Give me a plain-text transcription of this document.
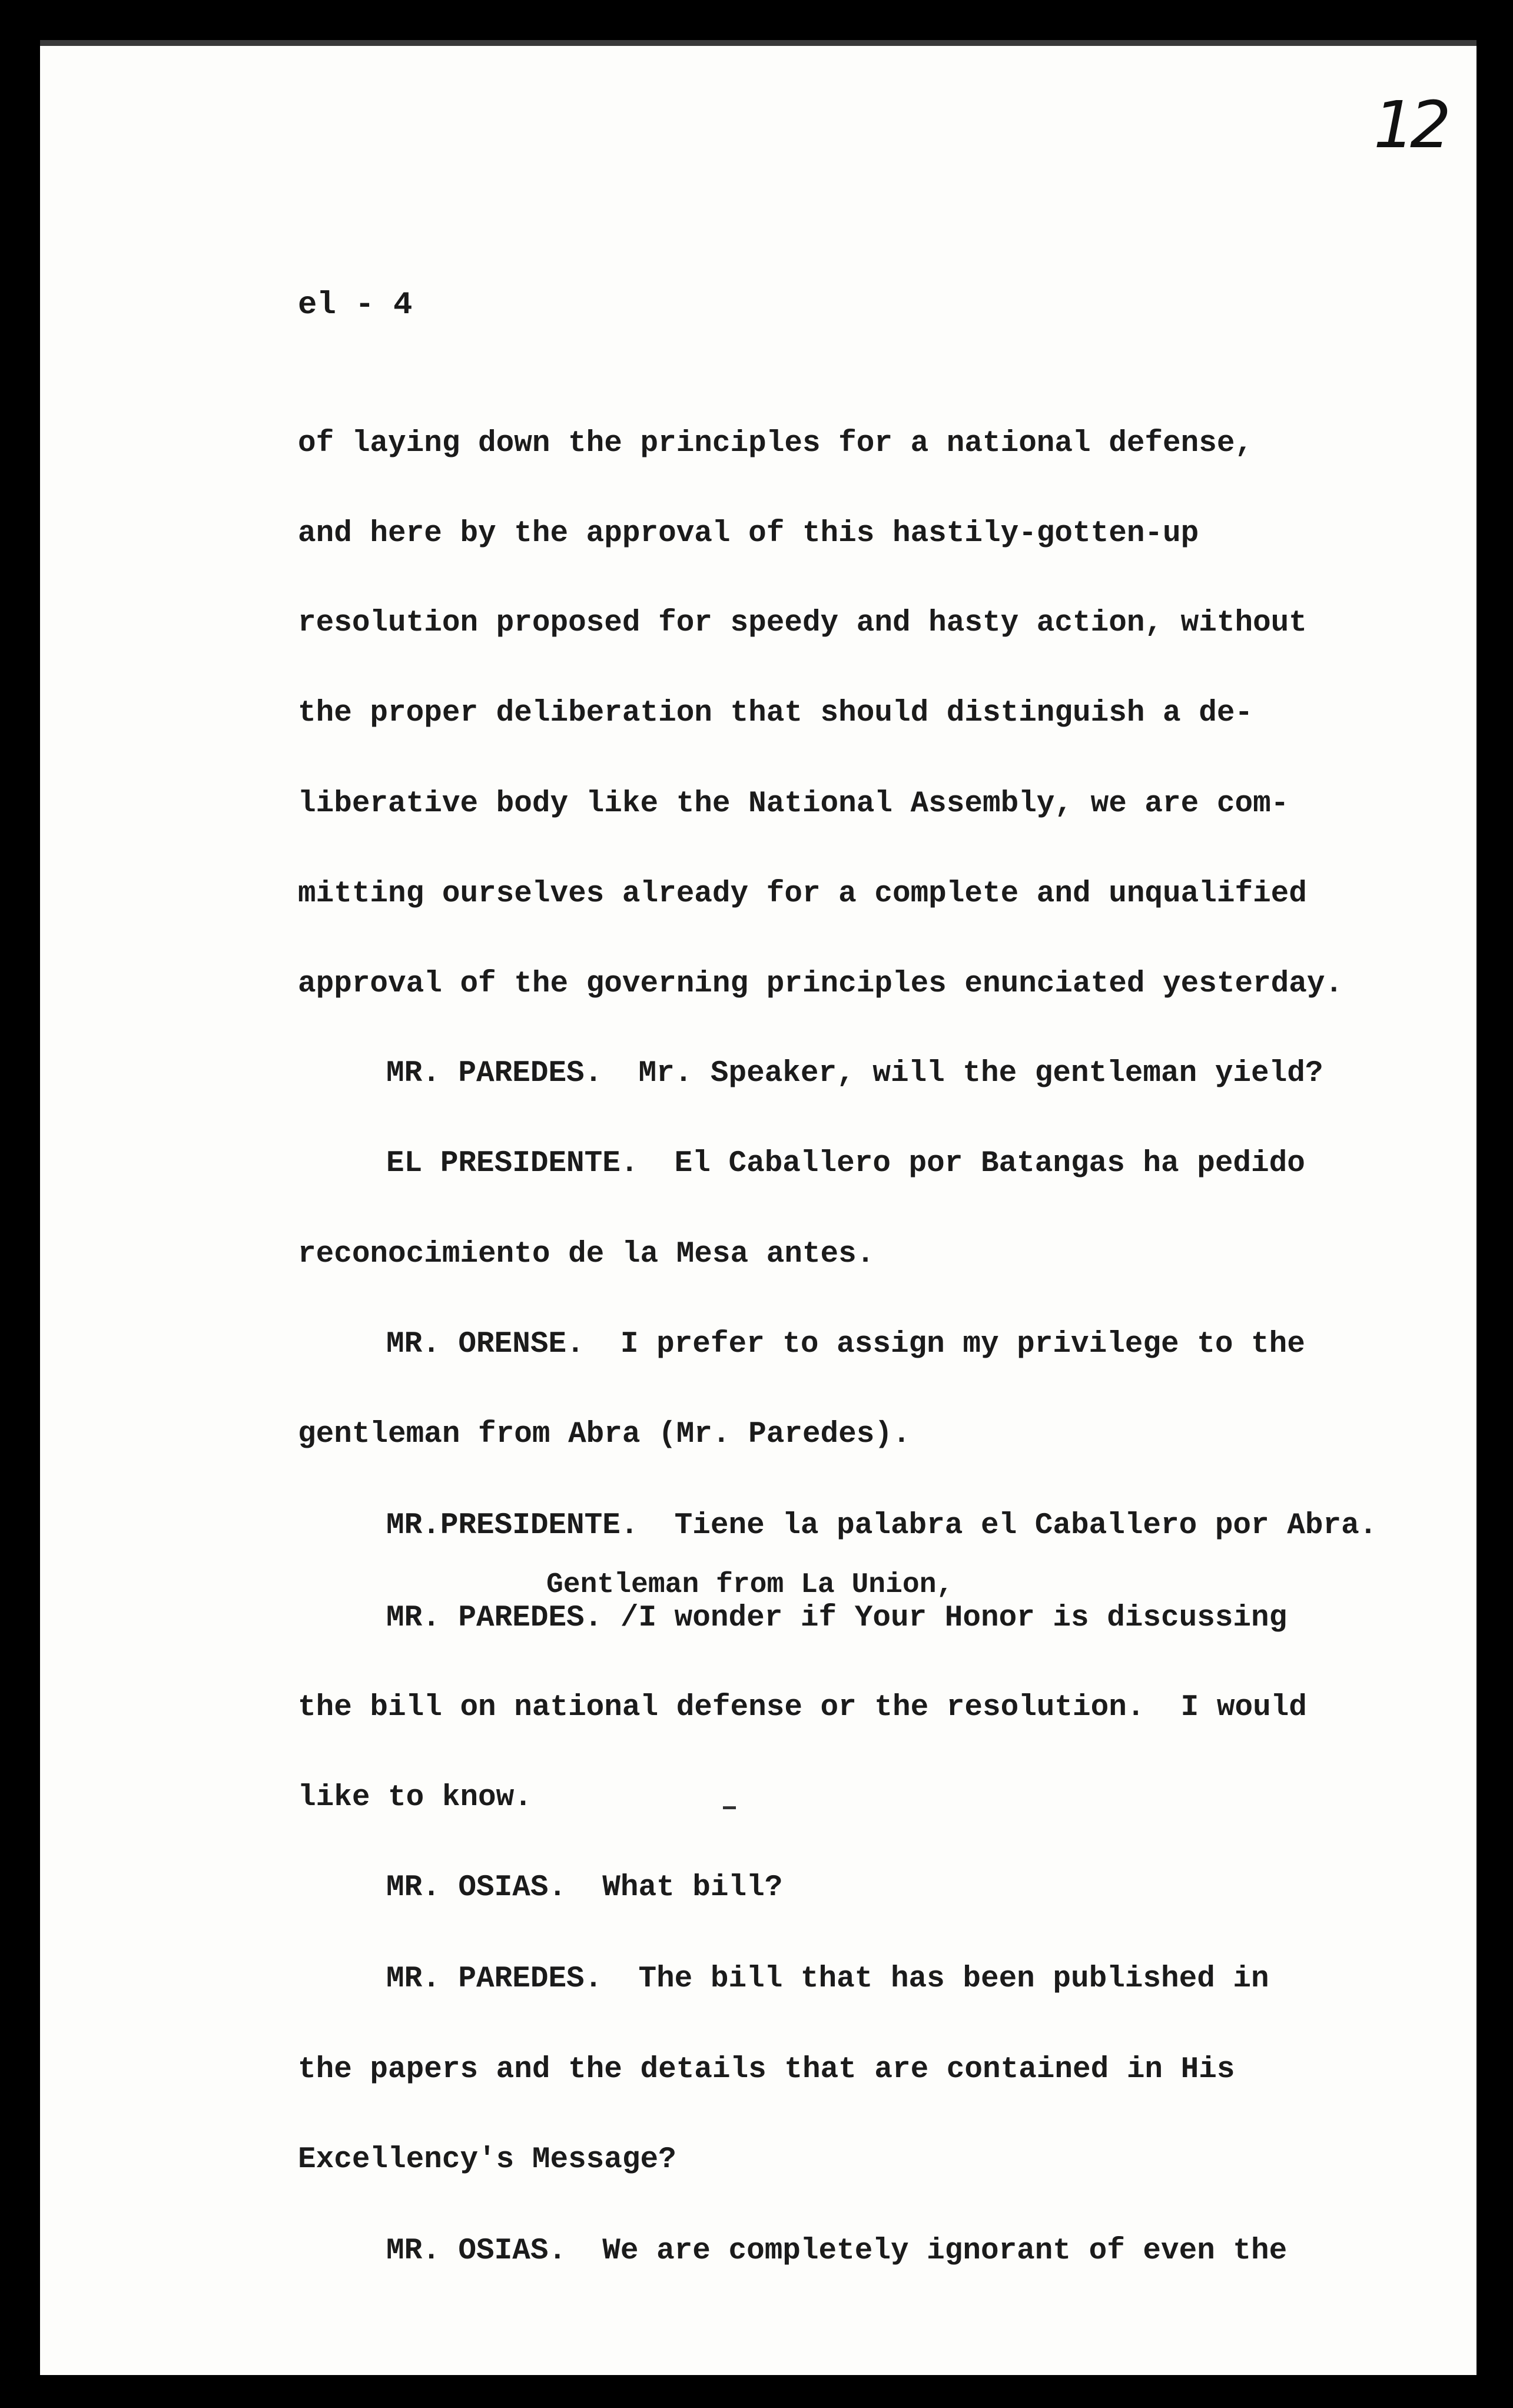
12
el - 4
of laying down the principles for a national defense,
and here by the approval of this hastily-gotten-up
resolution proposed for speedy and hasty action, without
the proper deliberation that should distinguish a de-
liberative body like the National Assembly, we are com-
mitting ourselves already for a complete and unqualified
approval of the governing principles enunciated yesterday.
MR. PAREDES.  Mr. Speaker, will the gentleman yield?
EL PRESIDENTE.  El Caballero por Batangas ha pedido
reconocimiento de la Mesa antes.
MR. ORENSE.  I prefer to assign my privilege to the
gentleman from Abra (Mr. Paredes).
MR.PRESIDENTE.  Tiene la palabra el Caballero por Abra.
Gentleman from La Union,
MR. PAREDES. /I wonder if Your Honor is discussing
the bill on national defense or the resolution.  I would
like to know.
MR. OSIAS.  What bill?
MR. PAREDES.  The bill that has been published in
the papers and the details that are contained in His
Excellency's Message?
MR. OSIAS.  We are completely ignorant of even the
